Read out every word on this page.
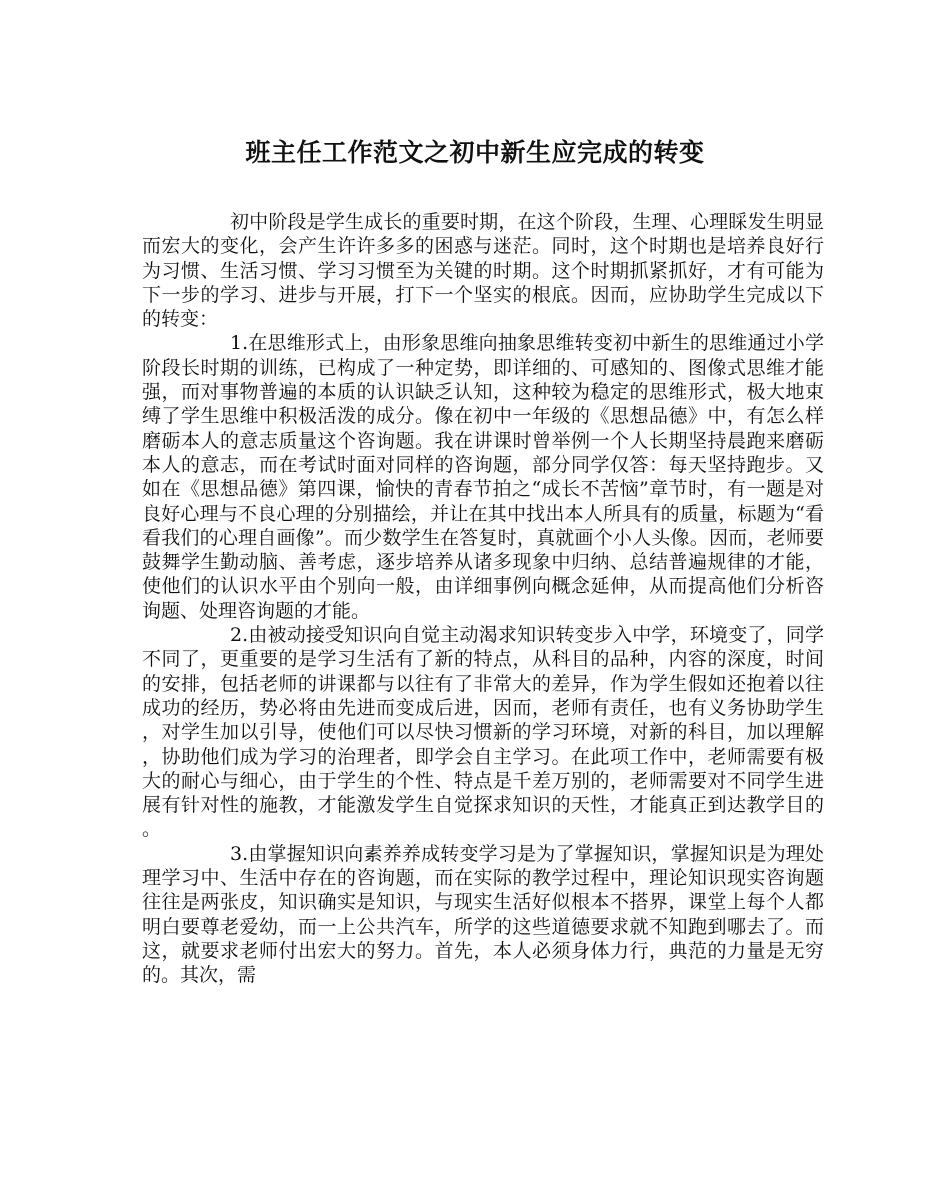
班主任工作范文之初中新生应完成的转变

初中阶段是学生成长的重要时期，在这个阶段，生理、心理睬发生明显而宏大的变化，会产生许许多多的困惑与迷茫。同时，这个时期也是培养良好行为习惯、生活习惯、学习习惯至为关键的时期。这个时期抓紧抓好，才有可能为下一步的学习、进步与开展，打下一个坚实的根底。因而，应协助学生完成以下的转变：

1.在思维形式上，由形象思维向抽象思维转变初中新生的思维通过小学阶段长时期的训练，已构成了一种定势，即详细的、可感知的、图像式思维才能强，而对事物普遍的本质的认识缺乏认知，这种较为稳定的思维形式，极大地束缚了学生思维中积极活泼的成分。像在初中一年级的《思想品德》中，有怎么样磨砺本人的意志质量这个咨询题。我在讲课时曾举例一个人长期坚持晨跑来磨砺本人的意志，而在考试时面对同样的咨询题，部分同学仅答：每天坚持跑步。又如在《思想品德》第四课，愉快的青春节拍之“成长不苦恼”章节时，有一题是对良好心理与不良心理的分别描绘，并让在其中找出本人所具有的质量，标题为“看看我们的心理自画像”。而少数学生在答复时，真就画个小人头像。因而，老师要鼓舞学生勤动脑、善考虑，逐步培养从诸多现象中归纳、总结普遍规律的才能，使他们的认识水平由个别向一般，由详细事例向概念延伸，从而提高他们分析咨询题、处理咨询题的才能。

2.由被动接受知识向自觉主动渴求知识转变步入中学，环境变了，同学不同了，更重要的是学习生活有了新的特点，从科目的品种，内容的深度，时间的安排，包括老师的讲课都与以往有了非常大的差异，作为学生假如还抱着以往成功的经历，势必将由先进而变成后进，因而，老师有责任，也有义务协助学生，对学生加以引导，使他们可以尽快习惯新的学习环境，对新的科目，加以理解，协助他们成为学习的治理者，即学会自主学习。在此项工作中，老师需要有极大的耐心与细心，由于学生的个性、特点是千差万别的，老师需要对不同学生进展有针对性的施教，才能激发学生自觉探求知识的天性，才能真正到达教学目的。

3.由掌握知识向素养养成转变学习是为了掌握知识，掌握知识是为理处理学习中、生活中存在的咨询题，而在实际的教学过程中，理论知识现实咨询题往往是两张皮，知识确实是知识，与现实生活好似根本不搭界，课堂上每个人都明白要尊老爱幼，而一上公共汽车，所学的这些道德要求就不知跑到哪去了。而这，就要求老师付出宏大的努力。首先，本人必须身体力行，典范的力量是无穷的。其次，需
